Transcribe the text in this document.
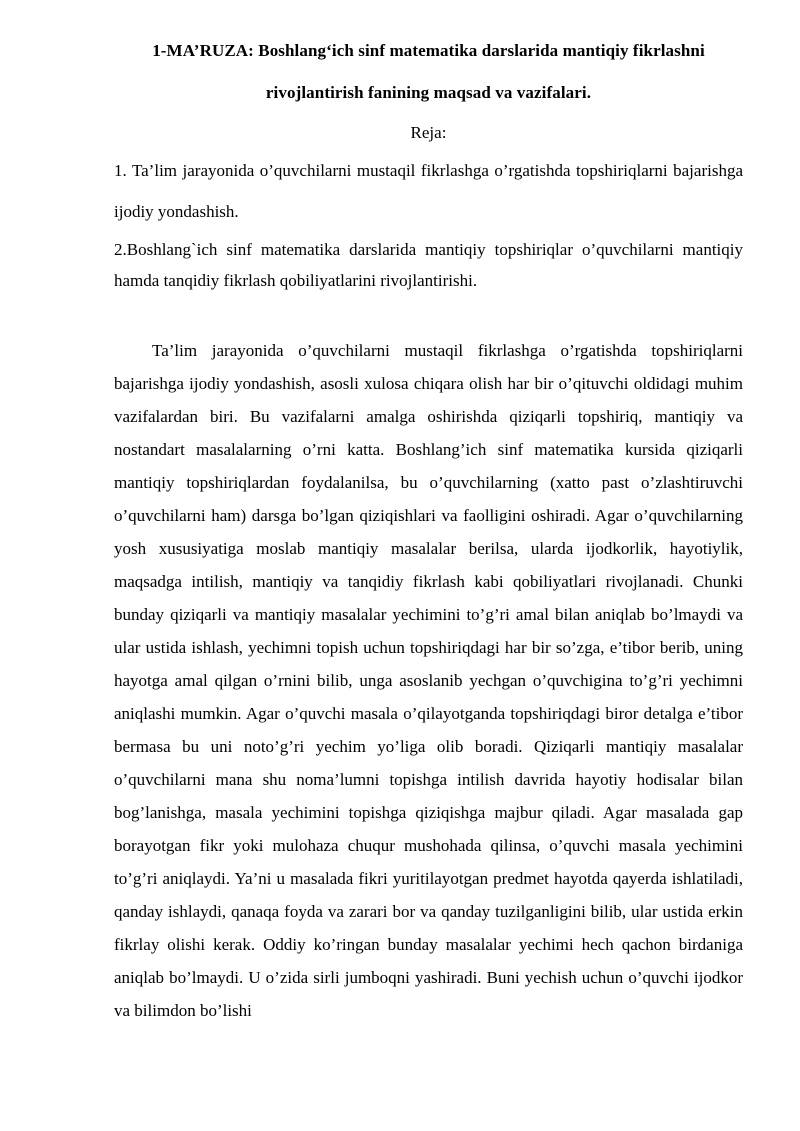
1-MA’RUZA: Boshlangʻich sinf matematika darslarida mantiqiy fikrlashni rivojlantirish fanining maqsad va vazifalari.

Reja:

1. Ta’lim jarayonida o’quvchilarni mustaqil fikrlashga o’rgatishda topshiriqlarni bajarishga ijodiy yondashish.

2.Boshlang`ich sinf matematika darslarida mantiqiy topshiriqlar o’quvchilarni mantiqiy hamda tanqidiy fikrlash qobiliyatlarini rivojlantirishi.

Ta’lim jarayonida o’quvchilarni mustaqil fikrlashga o’rgatishda topshiriqlarni bajarishga ijodiy yondashish, asosli xulosa chiqara olish har bir o’qituvchi oldidagi muhim vazifalardan biri. Bu vazifalarni amalga oshirishda qiziqarli topshiriq, mantiqiy va nostandart masalalarning o’rni katta. Boshlang’ich sinf matematika kursida qiziqarli mantiqiy topshiriqlardan foydalanilsa, bu o’quvchilarning (xatto past o’zlashtiruvchi o’quvchilarni ham) darsga bo’lgan qiziqishlari va faolligini oshiradi. Agar o’quvchilarning yosh xususiyatiga moslab mantiqiy masalalar berilsa, ularda ijodkorlik, hayotiylik, maqsadga intilish, mantiqiy va tanqidiy fikrlash kabi qobiliyatlari rivojlanadi. Chunki bunday qiziqarli va mantiqiy masalalar yechimini to’g’ri amal bilan aniqlab bo’lmaydi va ular ustida ishlash, yechimni topish uchun topshiriqdagi har bir so’zga, e’tibor berib, uning hayotga amal qilgan o’rnini bilib, unga asoslanib yechgan o’quvchigina to’g’ri yechimni aniqlashi mumkin. Agar o’quvchi masala o’qilayotganda topshiriqdagi biror detalga e’tibor bermasa bu uni noto’g’ri yechim yo’liga olib boradi. Qiziqarli mantiqiy masalalar o’quvchilarni mana shu noma’lumni topishga intilish davrida hayotiy hodisalar bilan bog’lanishga, masala yechimini topishga qiziqishga majbur qiladi. Agar masalada gap borayotgan fikr yoki mulohaza chuqur mushohada qilinsa, o’quvchi masala yechimini to’g’ri aniqlaydi. Ya’ni u masalada fikri yuritilayotgan predmet hayotda qayerda ishlatiladi, qanday ishlaydi, qanaqa foyda va zarari bor va qanday tuzilganligini bilib, ular ustida erkin fikrlay olishi kerak. Oddiy ko’ringan bunday masalalar yechimi hech qachon birdaniga aniqlab bo’lmaydi. U o’zida sirli jumboqni yashiradi. Buni yechish uchun o’quvchi ijodkor va bilimdon bo’lishi
